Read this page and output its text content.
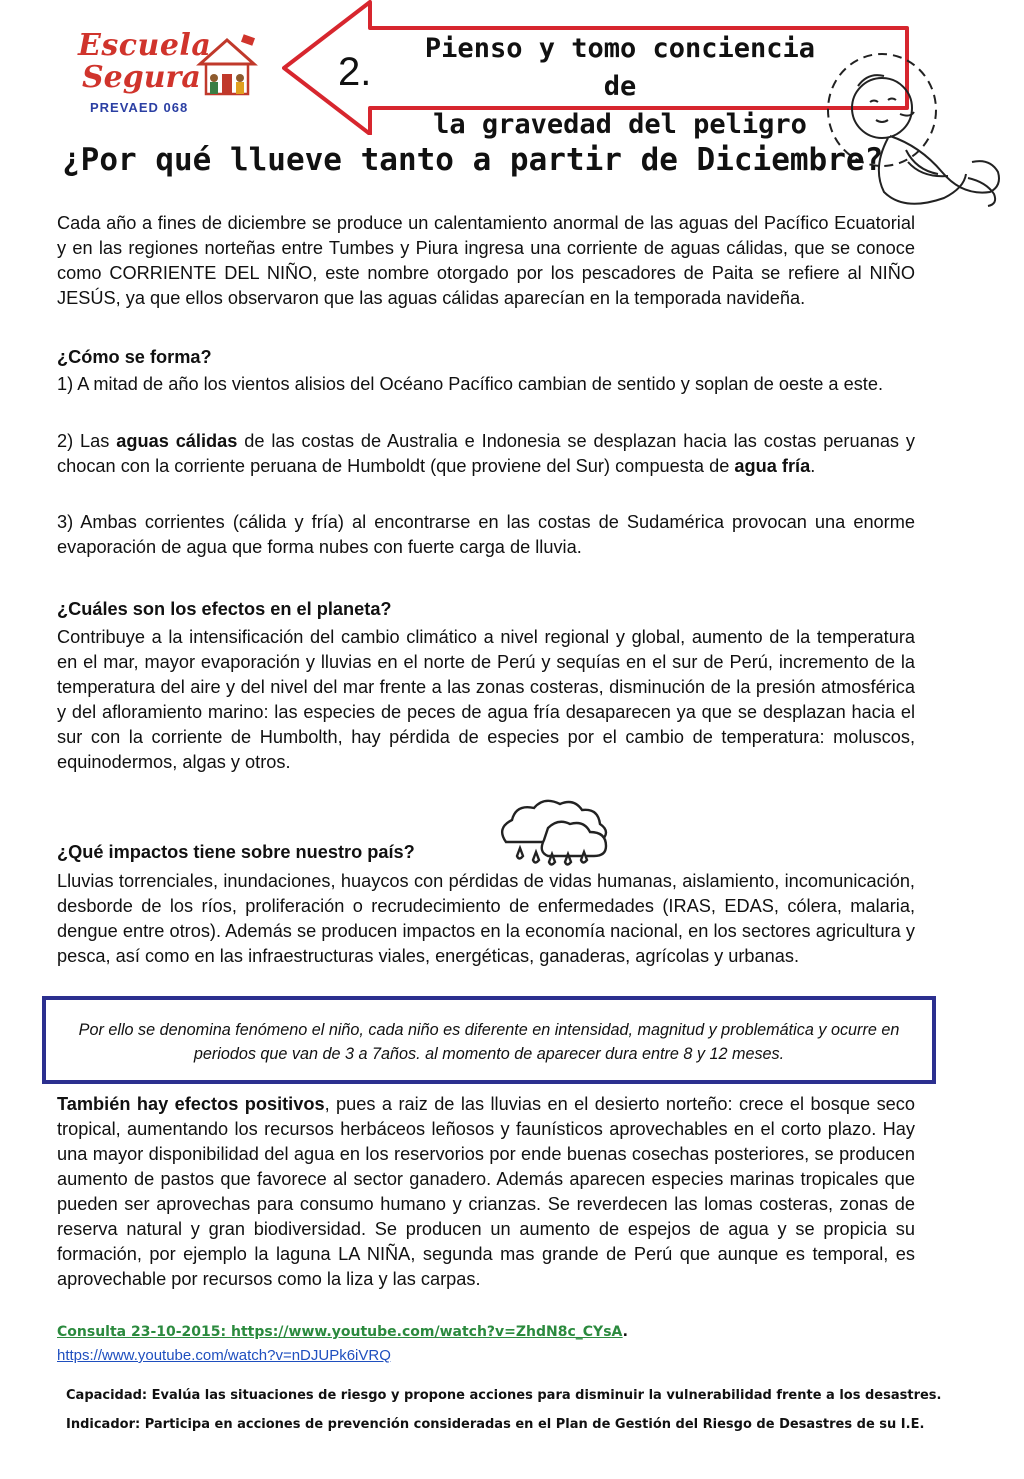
Escuela
Segura
PREVAED 068
2.
Pienso y tomo conciencia de
la gravedad del peligro
¿Por qué llueve tanto a partir de Diciembre?

Cada año a fines de diciembre se produce un calentamiento anormal de las aguas del Pacífico Ecuatorial y en las regiones norteñas entre Tumbes y Piura ingresa una corriente de aguas cálidas, que se conoce como CORRIENTE DEL NIÑO, este nombre otorgado por los pescadores de Paita se refiere al NIÑO JESÚS, ya que ellos observaron que las aguas cálidas aparecían en la temporada navideña.

¿Cómo se forma?

1) A mitad de año los vientos alisios del Océano Pacífico cambian de sentido y soplan de oeste a este.

2) Las aguas cálidas de las costas de Australia e Indonesia se desplazan hacia las costas peruanas y chocan con la corriente peruana de Humboldt (que proviene del Sur) compuesta de agua fría.

3) Ambas corrientes (cálida y fría) al encontrarse en las costas de Sudamérica provocan una enorme evaporación de agua que forma nubes con fuerte carga de lluvia.

¿Cuáles son los efectos en el planeta?

Contribuye a la intensificación del cambio climático a nivel regional y global, aumento de la temperatura en el mar, mayor evaporación y lluvias en el norte de Perú y sequías en el sur de Perú, incremento de la temperatura del aire y del nivel del mar frente a las zonas costeras, disminución de la presión atmosférica y del afloramiento marino: las especies de peces de agua fría desaparecen ya que se desplazan hacia el sur con la corriente de Humbolth, hay pérdida de especies por el cambio de temperatura: moluscos, equinodermos, algas y otros.

¿Qué impactos tiene sobre nuestro país?

Lluvias torrenciales, inundaciones, huaycos con pérdidas de vidas humanas, aislamiento, incomunicación, desborde de los ríos, proliferación o recrudecimiento de enfermedades (IRAS, EDAS, cólera, malaria, dengue entre otros). Además se producen impactos en la economía nacional, en los sectores agricultura y pesca, así como en las infraestructuras viales, energéticas, ganaderas, agrícolas y urbanas.

Por ello se denomina fenómeno el niño, cada niño es diferente en intensidad, magnitud y problemática y ocurre en periodos que van de 3 a 7años. al momento de aparecer dura entre 8 y 12 meses.

También hay efectos positivos, pues a raiz de las lluvias en el desierto norteño: crece el bosque seco tropical, aumentando los recursos herbáceos leñosos y faunísticos aprovechables en el corto plazo. Hay una mayor disponibilidad del agua en los reservorios por ende buenas cosechas posteriores, se producen aumento de pastos que favorece al sector ganadero. Además aparecen especies marinas tropicales que pueden ser aprovechas para consumo humano y crianzas. Se reverdecen las lomas costeras, zonas de reserva natural y gran biodiversidad. Se producen un aumento de espejos de agua y se propicia su formación, por ejemplo la laguna LA NIÑA, segunda mas grande de Perú que aunque es temporal, es aprovechable por recursos como la liza y las carpas.

Consulta 23-10-2015: https://www.youtube.com/watch?v=ZhdN8c_CYsA.
https://www.youtube.com/watch?v=nDJUPk6iVRQ
Capacidad: Evalúa las situaciones de riesgo y propone acciones para disminuir la vulnerabilidad frente a los desastres.
Indicador: Participa en acciones de prevención consideradas en el Plan de Gestión del Riesgo de Desastres de su I.E.
